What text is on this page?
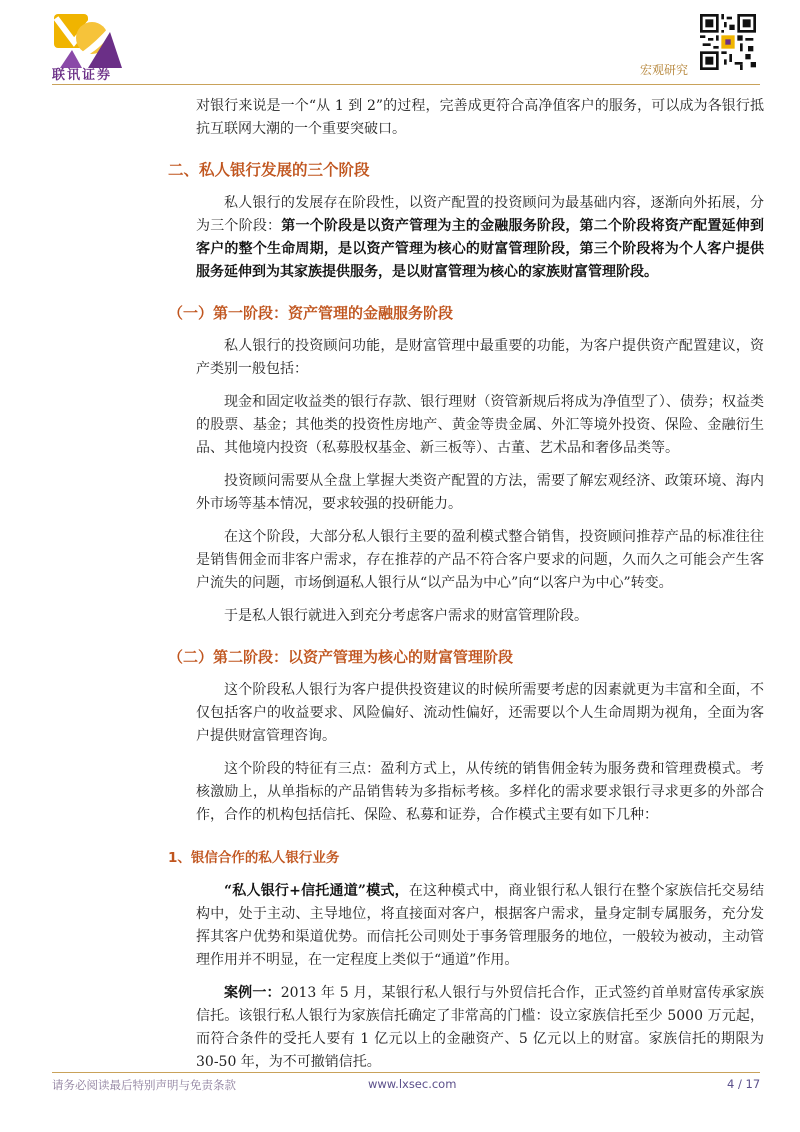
联讯证券	宏观研究

对银行来说是一个“从 1 到 2”的过程，完善成更符合高净值客户的服务，可以成为各银行抵抗互联网大潮的一个重要突破口。

二、私人银行发展的三个阶段

私人银行的发展存在阶段性，以资产配置的投资顾问为最基础内容，逐渐向外拓展，分为三个阶段：第一个阶段是以资产管理为主的金融服务阶段，第二个阶段将资产配置延伸到客户的整个生命周期，是以资产管理为核心的财富管理阶段，第三个阶段将为个人客户提供服务延伸到为其家族提供服务，是以财富管理为核心的家族财富管理阶段。

（一）第一阶段：资产管理的金融服务阶段

私人银行的投资顾问功能，是财富管理中最重要的功能，为客户提供资产配置建议，资产类别一般包括：

现金和固定收益类的银行存款、银行理财（资管新规后将成为净值型了）、债券；权益类的股票、基金；其他类的投资性房地产、黄金等贵金属、外汇等境外投资、保险、金融衍生品、其他境内投资（私募股权基金、新三板等）、古董、艺术品和奢侈品类等。

投资顾问需要从全盘上掌握大类资产配置的方法，需要了解宏观经济、政策环境、海内外市场等基本情况，要求较强的投研能力。

在这个阶段，大部分私人银行主要的盈利模式整合销售，投资顾问推荐产品的标准往往是销售佣金而非客户需求，存在推荐的产品不符合客户要求的问题，久而久之可能会产生客户流失的问题，市场倒逼私人银行从“以产品为中心”向“以客户为中心”转变。

于是私人银行就进入到充分考虑客户需求的财富管理阶段。

（二）第二阶段：以资产管理为核心的财富管理阶段

这个阶段私人银行为客户提供投资建议的时候所需要考虑的因素就更为丰富和全面，不仅包括客户的收益要求、风险偏好、流动性偏好，还需要以个人生命周期为视角，全面为客户提供财富管理咨询。

这个阶段的特征有三点：盈利方式上，从传统的销售佣金转为服务费和管理费模式。考核激励上，从单指标的产品销售转为多指标考核。多样化的需求要求银行寻求更多的外部合作，合作的机构包括信托、保险、私募和证券，合作模式主要有如下几种：

1、银信合作的私人银行业务

“私人银行+信托通道”模式，在这种模式中，商业银行私人银行在整个家族信托交易结构中，处于主动、主导地位，将直接面对客户，根据客户需求，量身定制专属服务，充分发挥其客户优势和渠道优势。而信托公司则处于事务管理服务的地位，一般较为被动，主动管理作用并不明显，在一定程度上类似于“通道”作用。

案例一：2013 年 5 月，某银行私人银行与外贸信托合作，正式签约首单财富传承家族信托。该银行私人银行为家族信托确定了非常高的门槛：设立家族信托至少 5000 万元起，而符合条件的受托人要有 1 亿元以上的金融资产、5 亿元以上的财富。家族信托的期限为 30-50 年，为不可撤销信托。

请务必阅读最后特别声明与免责条款	www.lxsec.com	4 / 17
